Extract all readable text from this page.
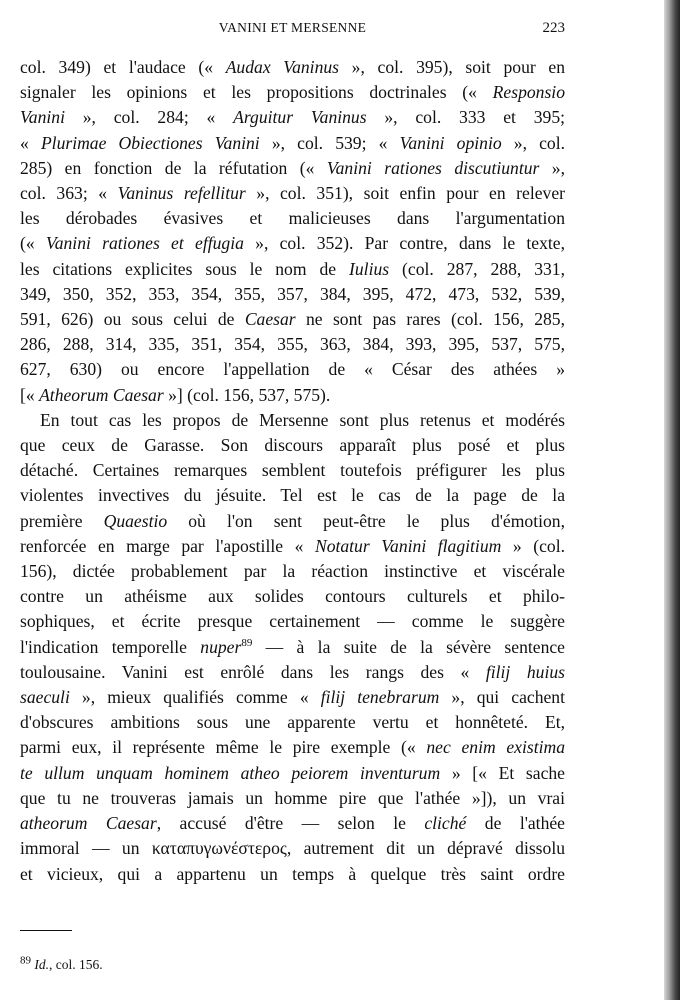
VANINI ET MERSENNE	223
col. 349) et l'audace (« Audax Vaninus », col. 395), soit pour en
signaler les opinions et les propositions doctrinales (« Responsio
Vanini », col. 284; « Arguitur Vaninus », col. 333 et 395;
« Plurimae Obiectiones Vanini », col. 539; « Vanini opinio », col.
285) en fonction de la réfutation (« Vanini rationes discutiuntur »,
col. 363; « Vaninus refellitur », col. 351), soit enfin pour en relever
les dérobades évasives et malicieuses dans l'argumentation
(« Vanini rationes et effugia », col. 352). Par contre, dans le texte,
les citations explicites sous le nom de Iulius (col. 287, 288, 331,
349, 350, 352, 353, 354, 355, 357, 384, 395, 472, 473, 532, 539,
591, 626) ou sous celui de Caesar ne sont pas rares (col. 156, 285,
286, 288, 314, 335, 351, 354, 355, 363, 384, 393, 395, 537, 575,
627, 630) ou encore l'appellation de « César des athées »
[« Atheorum Caesar »] (col. 156, 537, 575).
En tout cas les propos de Mersenne sont plus retenus et modérés
que ceux de Garasse. Son discours apparaît plus posé et plus
détaché. Certaines remarques semblent toutefois préfigurer les plus
violentes invectives du jésuite. Tel est le cas de la page de la
première Quaestio où l'on sent peut-être le plus d'émotion,
renforcée en marge par l'apostille « Notatur Vanini flagitium » (col.
156), dictée probablement par la réaction instinctive et viscérale
contre un athéisme aux solides contours culturels et philo-
sophiques, et écrite presque certainement — comme le suggère
l'indication temporelle nuper$^{89}$ — à la suite de la sévère sentence
toulousaine. Vanini est enrôlé dans les rangs des « filij huius
saeculi », mieux qualifiés comme « filij tenebrarum », qui cachent
d'obscures ambitions sous une apparente vertu et honnêteté. Et,
parmi eux, il représente même le pire exemple (« nec enim existima
te ullum unquam hominem atheo peiorem inventurum » [« Et sache
que tu ne trouveras jamais un homme pire que l'athée »]), un vrai
atheorum Caesar, accusé d'être — selon le cliché de l'athée
immoral — un καταπυγωνέστερος, autrement dit un dépravé dissolu
et vicieux, qui a appartenu un temps à quelque très saint ordre
$^{89}$ Id., col. 156.
